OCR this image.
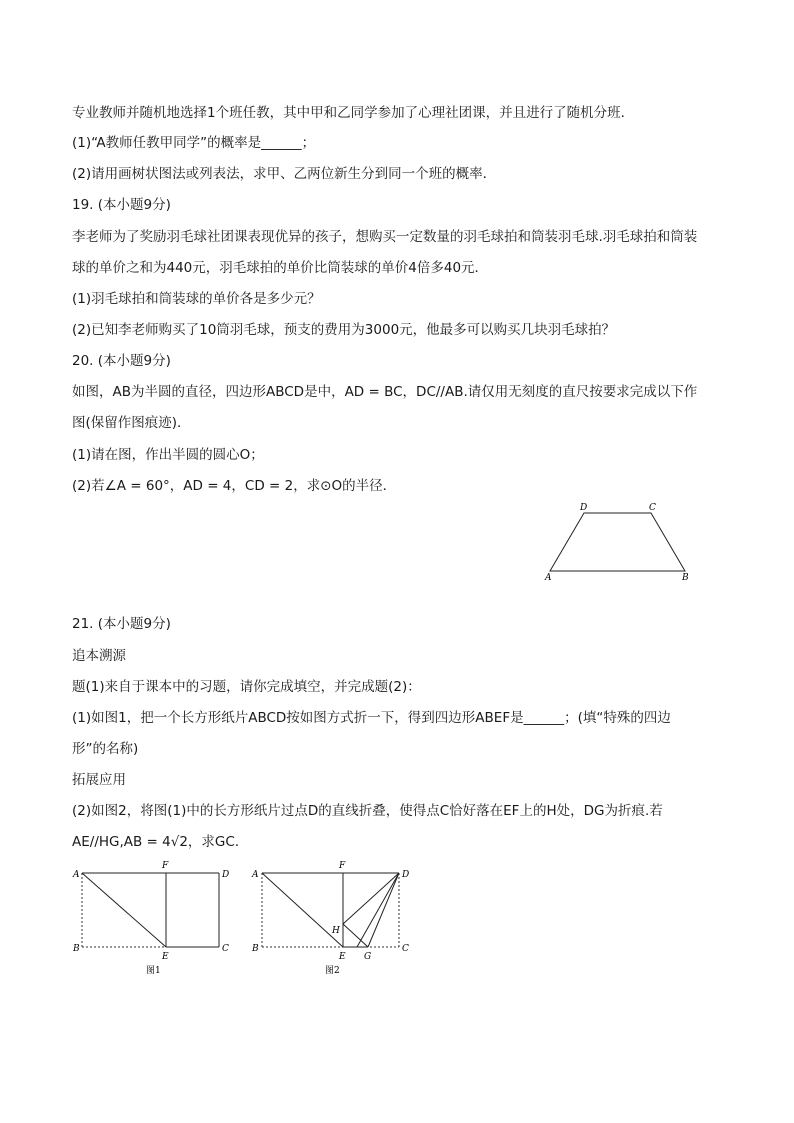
专业教师并随机地选择1个班任教，其中甲和乙同学参加了心理社团课，并且进行了随机分班．
(1)“A教师任教甲同学”的概率是______；
(2)请用画树状图法或列表法，求甲、乙两位新生分到同一个班的概率．
19. (本小题9分)
李老师为了奖励羽毛球社团课表现优异的孩子，想购买一定数量的羽毛球拍和筒装羽毛球.羽毛球拍和筒装
球的单价之和为440元，羽毛球拍的单价比筒装球的单价4倍多40元．
(1)羽毛球拍和筒装球的单价各是多少元？
(2)已知李老师购买了10筒羽毛球，预支的费用为3000元，他最多可以购买几块羽毛球拍？
20. (本小题9分)
如图，AB为半圆的直径，四边形ABCD是中，AD = BC，DC//AB.请仅用无刻度的直尺按要求完成以下作
图(保留作图痕迹)．
(1)请在图，作出半圆的圆心O；
(2)若∠A = 60°，AD = 4，CD = 2，求⊙O的半径．
D	C
A	B
21. (本小题9分)
追本溯源
题(1)来自于课本中的习题，请你完成填空，并完成题(2)：
(1)如图1，把一个长方形纸片ABCD按如图方式折一下，得到四边形ABEF是______；(填“特殊的四边
形”的名称)
拓展应用
(2)如图2，将图(1)中的长方形纸片过点D的直线折叠，使得点C恰好落在EF上的H处，DG为折痕.若
AE//HG,AB = 4√2，求GC．
A
F
D
B
E
C
图1
A
F
D
B
H
E G
C
图2
